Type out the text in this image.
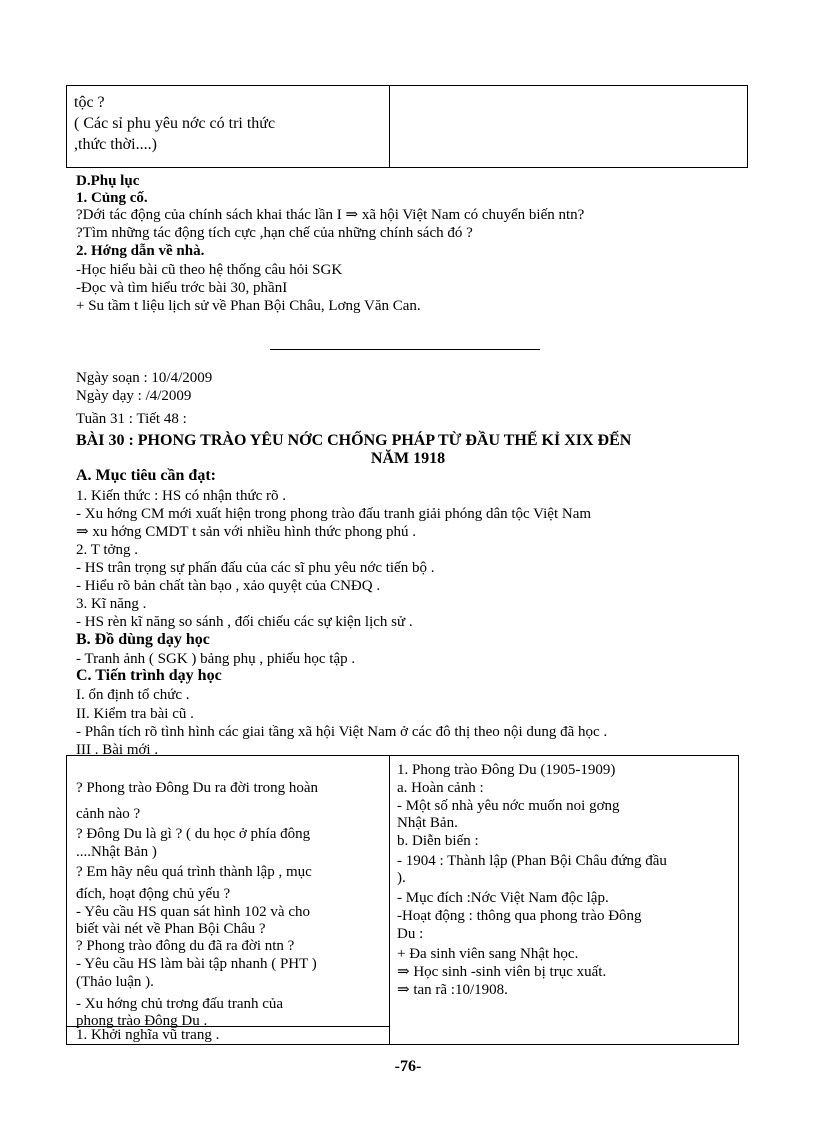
tộc ?
( Các sỉ phu yêu nớc có tri thức
,thức thời....)
D.Phụ lục
1. Củng cố.
?Dới tác động của chính sách khai thác lần I ⇒ xã hội Việt Nam có chuyển biến ntn?
?Tìm những tác động tích cực ,hạn chế của những chính sách đó ?
2. Hớng dẫn về nhà.
-Học hiểu bài cũ theo hệ thống câu hỏi SGK
-Đọc và tìm hiểu trớc bài 30, phầnI
+ Su tầm t liệu lịch sử về Phan Bội Châu, Lơng Văn Can.
Ngày soạn : 10/4/2009
Ngày dạy : /4/2009
Tuần 31 : Tiết 48 :
BÀI 30 : PHONG TRÀO YÊU NỚC CHỐNG PHÁP TỪ ĐẦU THẾ KỈ XIX ĐẾN
NĂM 1918
A. Mục tiêu cần đạt:
1. Kiến thức : HS có nhận thức rõ .
- Xu hớng CM mới xuất hiện trong phong trào đấu tranh giải phóng dân tộc Việt Nam
⇒ xu hớng CMDT t sản với nhiều hình thức phong phú .
2. T tởng .
- HS trân trọng sự phấn đấu của các sĩ phu yêu nớc tiến bộ .
- Hiểu rõ bản chất tàn bạo , xảo quyệt của CNĐQ .
3. Kĩ năng .
- HS rèn kĩ năng so sánh , đối chiếu các sự kiện lịch sử .
B. Đồ dùng dạy học
- Tranh ảnh ( SGK ) bảng phụ , phiếu học tập .
C. Tiến trình dạy học
I. ổn định tổ chức .
II. Kiểm tra bài cũ .
- Phân tích rõ tình hình các giai tầng xã hội Việt Nam ở các đô thị theo nội dung đã học .
III . Bài mới .
? Phong trào Đông Du ra đời trong hoàn
cảnh nào ?
? Đông Du là gì ? ( du học ở phía đông
....Nhật Bản )
? Em hãy nêu quá trình thành lập , mục
đích, hoạt động chủ yếu ?
- Yêu cầu HS quan sát hình 102 và cho
biết vài nét về Phan Bội Châu ?
? Phong trào đông du đã ra đời ntn ?
- Yêu cầu HS làm bài tập nhanh ( PHT )
(Thảo luận ).
- Xu hớng chủ trơng đấu tranh của
phong trào Đông Du .
1. Khởi nghĩa vũ trang .
1. Phong trào Đông Du (1905-1909)
a. Hoàn cảnh :
- Một số nhà yêu nớc muốn noi gơng
Nhật Bản.
b. Diễn biến :
- 1904 : Thành lập (Phan Bội Châu đứng đầu
).
- Mục đích :Nớc Việt Nam độc lập.
-Hoạt động : thông qua phong trào Đông
Du :
+ Đa sinh viên sang Nhật học.
⇒ Học sinh -sinh viên bị trục xuất.
⇒ tan rã :10/1908.
-76-
